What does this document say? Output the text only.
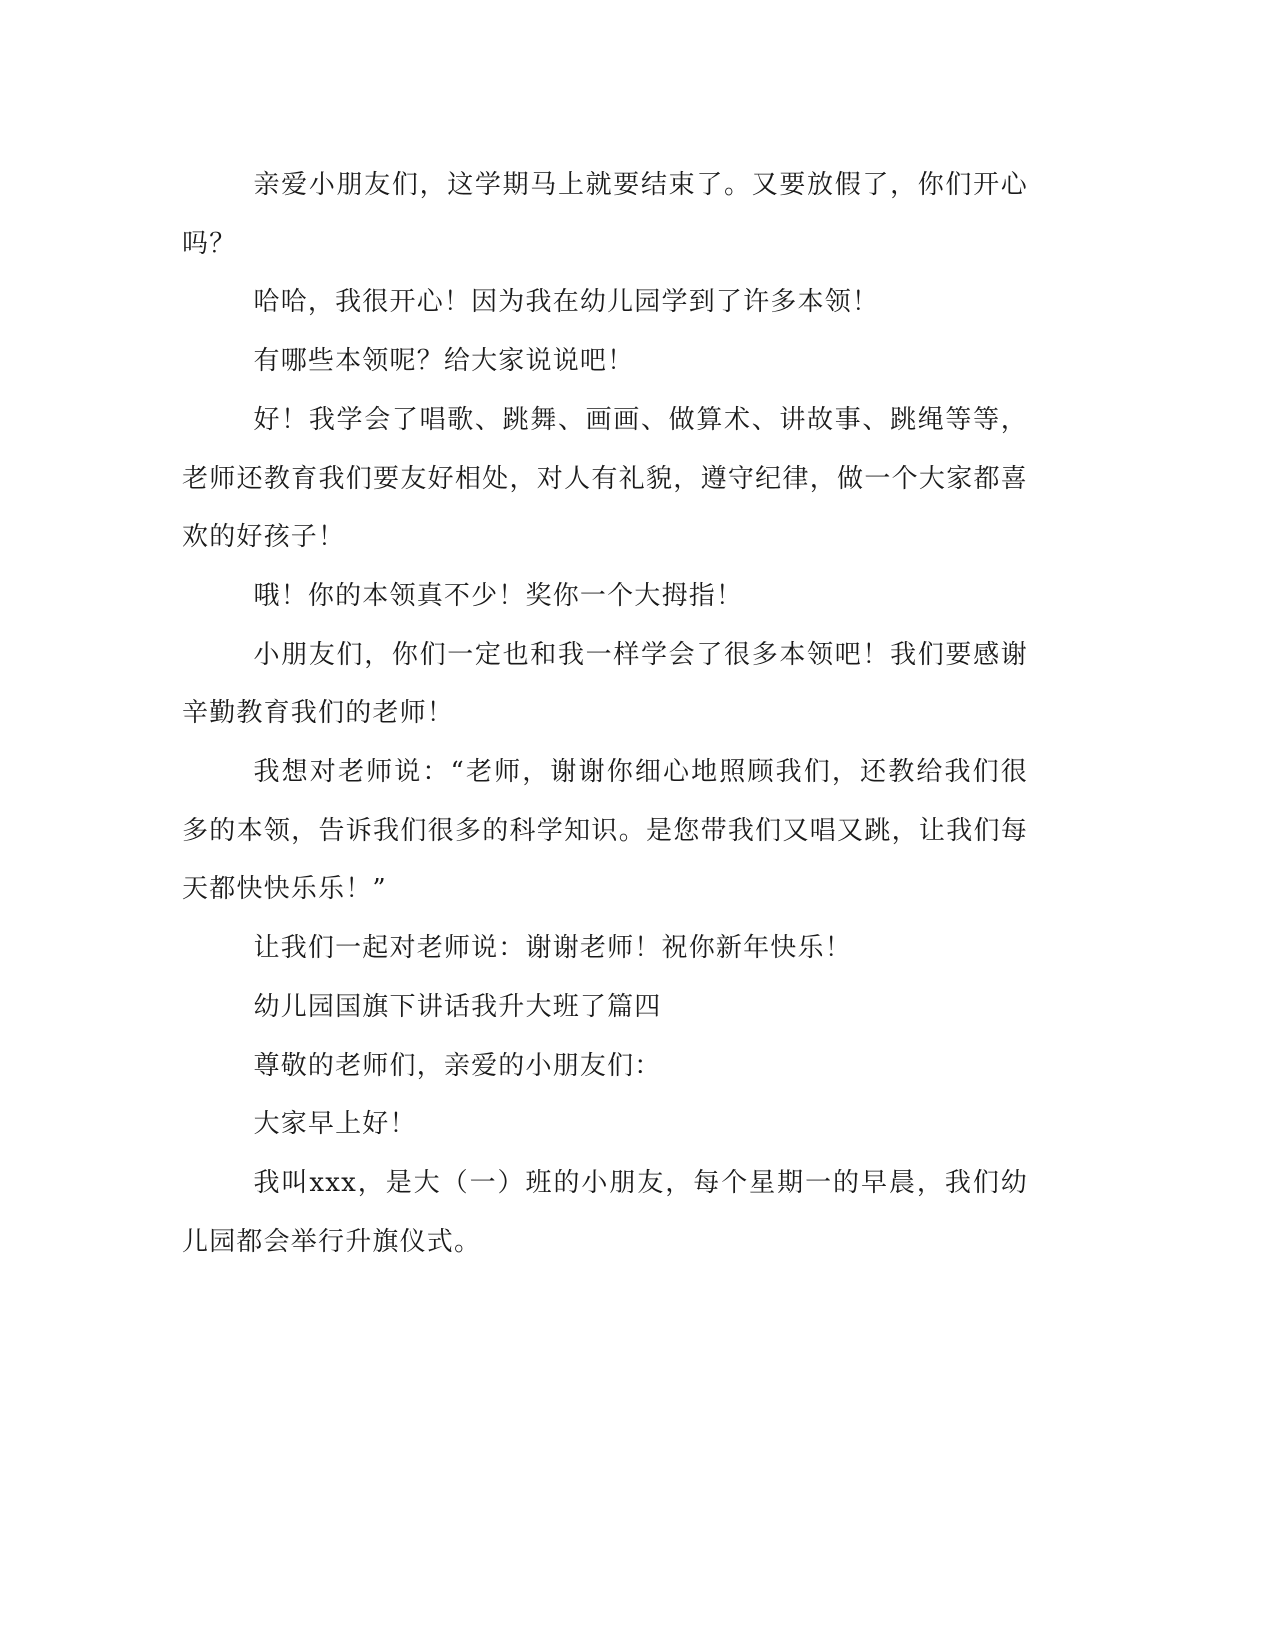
亲爱小朋友们，这学期马上就要结束了。又要放假了，你们开心吗？

哈哈，我很开心！因为我在幼儿园学到了许多本领！

有哪些本领呢？给大家说说吧！

好！我学会了唱歌、跳舞、画画、做算术、讲故事、跳绳等等，老师还教育我们要友好相处，对人有礼貌，遵守纪律，做一个大家都喜欢的好孩子！

哦！你的本领真不少！奖你一个大拇指！

小朋友们，你们一定也和我一样学会了很多本领吧！我们要感谢辛勤教育我们的老师！

我想对老师说：“老师，谢谢你细心地照顾我们，还教给我们很多的本领，告诉我们很多的科学知识。是您带我们又唱又跳，让我们每天都快快乐乐！”

让我们一起对老师说：谢谢老师！祝你新年快乐！

幼儿园国旗下讲话我升大班了篇四

尊敬的老师们，亲爱的小朋友们：

大家早上好！

我叫xxx，是大（一）班的小朋友，每个星期一的早晨，我们幼儿园都会举行升旗仪式。
